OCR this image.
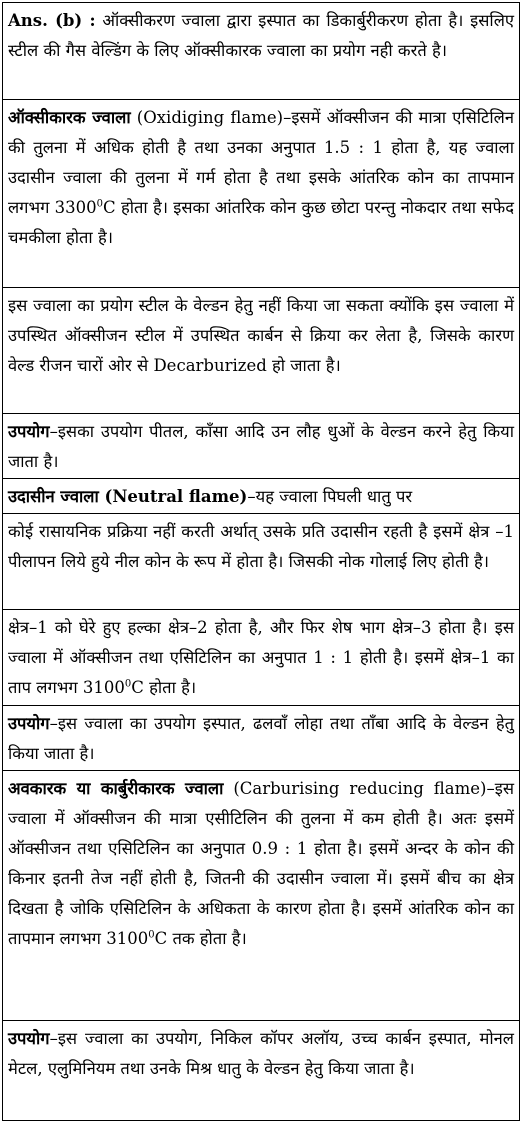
Ans. (b) : ऑक्सीकरण ज्वाला द्वारा इस्पात का डिकार्बुरीकरण होता है। इसलिए स्टील की गैस वेल्डिंग के लिए ऑक्सीकारक ज्वाला का प्रयोग नही करते है।
ऑक्सीकारक ज्वाला (Oxidiging flame)–इसमें ऑक्सीजन की मात्रा एसिटिलिन की तुलना में अधिक होती है तथा उनका अनुपात 1.5 : 1 होता है, यह ज्वाला उदासीन ज्वाला की तुलना में गर्म होता है तथा इसके आंतरिक कोन का तापमान लगभग 3300$^0$C होता है। इसका आंतरिक कोन कुछ छोटा परन्तु नोकदार तथा सफेद चमकीला होता है।
इस ज्वाला का प्रयोग स्टील के वेल्डन हेतु नहीं किया जा सकता क्योंकि इस ज्वाला में उपस्थित ऑक्सीजन स्टील में उपस्थित कार्बन से क्रिया कर लेता है, जिसके कारण वेल्ड रीजन चारों ओर से Decarburized हो जाता है।
उपयोग–इसका उपयोग पीतल, काँसा आदि उन लौह धुओं के वेल्डन करने हेतु किया जाता है।
उदासीन ज्वाला (Neutral flame)–यह ज्वाला पिघली धातु पर
कोई रासायनिक प्रक्रिया नहीं करती अर्थात् उसके प्रति उदासीन रहती है इसमें क्षेत्र –1 पीलापन लिये हुये नील कोन के रूप में होता है। जिसकी नोक गोलाई लिए होती है।
क्षेत्र–1 को घेरे हुए हल्का क्षेत्र–2 होता है, और फिर शेष भाग क्षेत्र–3 होता है। इस ज्वाला में ऑक्सीजन तथा एसिटिलिन का अनुपात 1 : 1 होती है। इसमें क्षेत्र–1 का ताप लगभग 3100$^0$C होता है।
उपयोग–इस ज्वाला का उपयोग इस्पात, ढलवाँ लोहा तथा ताँबा आदि के वेल्डन हेतु किया जाता है।
अवकारक या कार्बुरीकारक ज्वाला (Carburising reducing flame)–इस ज्वाला में ऑक्सीजन की मात्रा एसीटिलिन की तुलना में कम होती है। अतः इसमें ऑक्सीजन तथा एसिटिलिन का अनुपात 0.9 : 1 होता है। इसमें अन्दर के कोन की किनार इतनी तेज नहीं होती है, जितनी की उदासीन ज्वाला में। इसमें बीच का क्षेत्र दिखता है जोकि एसिटिलिन के अधिकता के कारण होता है। इसमें आंतरिक कोन का तापमान लगभग 3100$^0$C तक होता है।
उपयोग–इस ज्वाला का उपयोग, निकिल कॉपर अलॉय, उच्च कार्बन इस्पात, मोनल मेटल, एलुमिनियम तथा उनके मिश्र धातु के वेल्डन हेतु किया जाता है।
